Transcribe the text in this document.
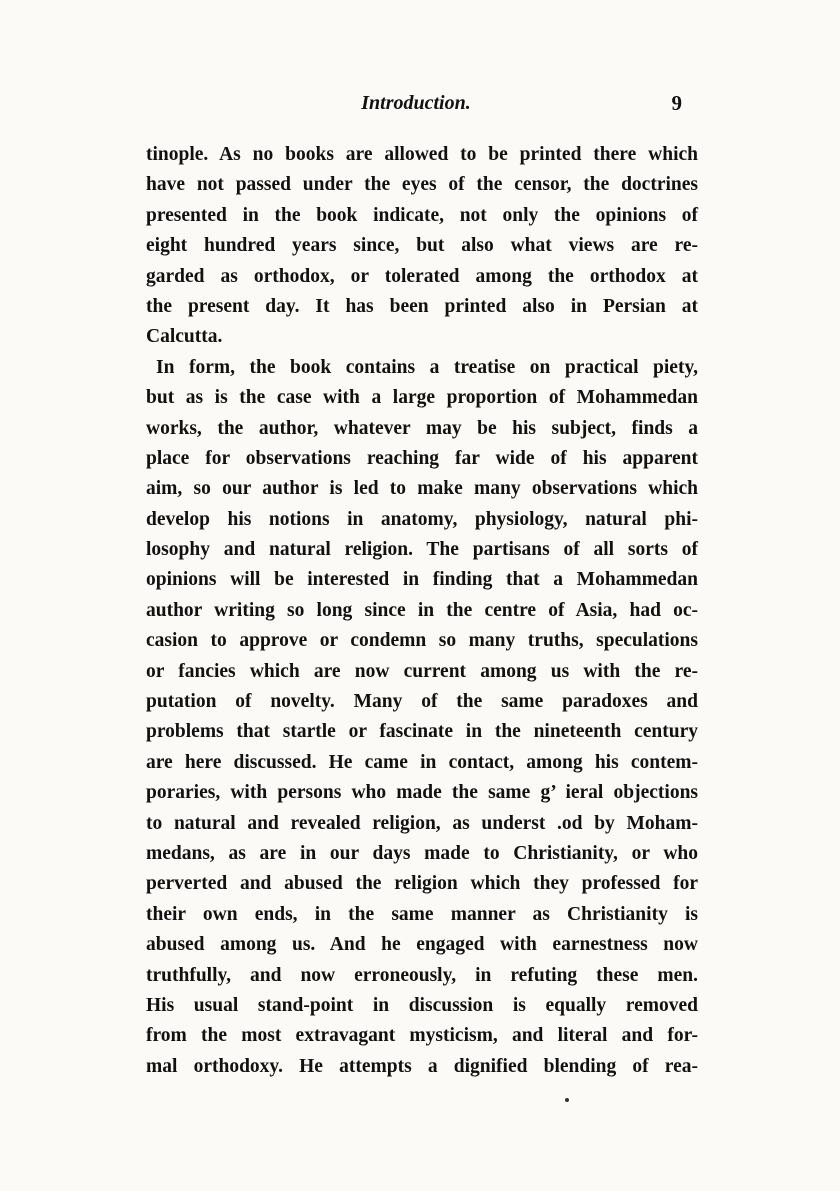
Introduction.	9
tinople. As no books are allowed to be printed there which
have not passed under the eyes of the censor, the doctrines
presented in the book indicate, not only the opinions of
eight hundred years since, but also what views are re-
garded as orthodox, or tolerated among the orthodox at
the present day. It has been printed also in Persian at
Calcutta.
In form, the book contains a treatise on practical piety,
but as is the case with a large proportion of Mohammedan
works, the author, whatever may be his subject, finds a
place for observations reaching far wide of his apparent
aim, so our author is led to make many observations which
develop his notions in anatomy, physiology, natural phi-
losophy and natural religion. The partisans of all sorts of
opinions will be interested in finding that a Mohammedan
author writing so long since in the centre of Asia, had oc-
casion to approve or condemn so many truths, speculations
or fancies which are now current among us with the re-
putation of novelty. Many of the same paradoxes and
problems that startle or fascinate in the nineteenth century
are here discussed. He came in contact, among his contem-
poraries, with persons who made the same g’ ieral objections
to natural and revealed religion, as underst .od by Moham-
medans, as are in our days made to Christianity, or who
perverted and abused the religion which they professed for
their own ends, in the same manner as Christianity is
abused among us. And he engaged with earnestness now
truthfully, and now erroneously, in refuting these men.
His usual stand-point in discussion is equally removed
from the most extravagant mysticism, and literal and for-
mal orthodoxy. He attempts a dignified blending of rea-
